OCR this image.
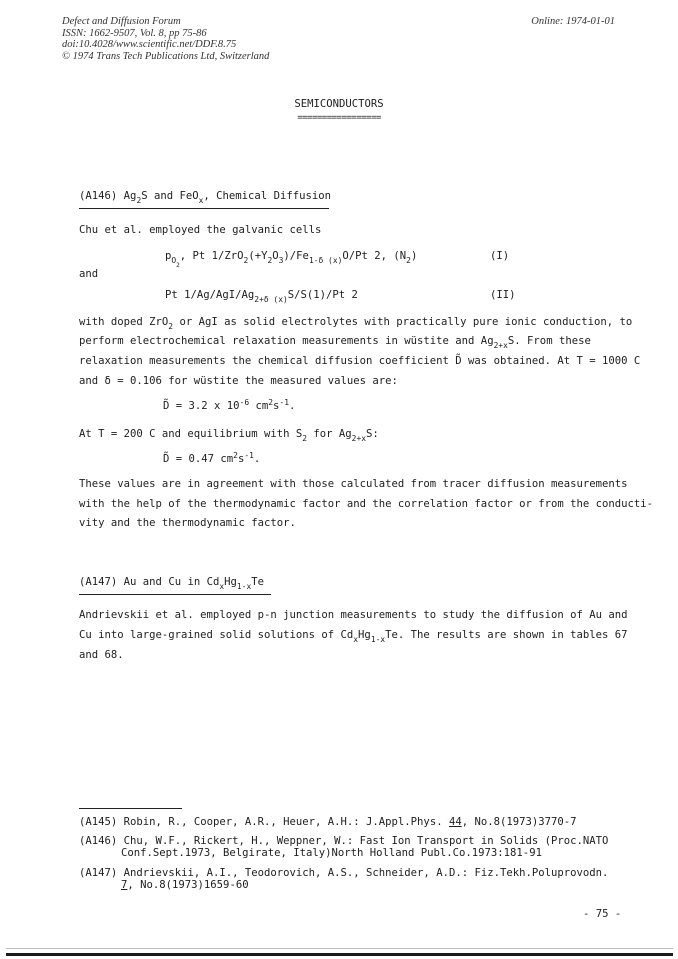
Defect and Diffusion Forum
ISSN: 1662-9507, Vol. 8, pp 75-86
doi:10.4028/www.scientific.net/DDF.8.75
© 1974 Trans Tech Publications Ltd, Switzerland
Online: 1974-01-01
SEMICONDUCTORS
=================
(A146) $Ag_2S$ and FeO$_x$, Chemical Diffusion
Chu et al. employed the galvanic cells
$p_{O_2}$, Pt $1/ZrO_2(+Y_2O_3)/Fe_{1-\delta (x)}O/Pt$ 2, $(N_2)$	(I)
and
Pt $1/Ag/AgI/Ag_{2+\delta (x)}S/S(1)/Pt$ 2	(II)
with doped ZrO$_2$ or AgI as solid electrolytes with practically pure ionic conduction, to
perform electrochemical relaxation measurements in wüstite and $Ag_{2+x}S$. From these
relaxation measurements the chemical diffusion coefficient D̃ was obtained. At T = 1000 C
and δ = 0.106 for wüstite the measured values are:
D̃ = 3.2 x $10^{-6}$ $cm^2s^{-1}$.
At T = 200 C and equilibrium with $S_2$ for $Ag_{2+x}S$:
D̃ = 0.47 $cm^2s^{-1}$.
These values are in agreement with those calculated from tracer diffusion measurements
with the help of the thermodynamic factor and the correlation factor or from the conducti-
vity and the thermodynamic factor.
(A147) Au and Cu in $Cd_xHg_{1-x}Te$
Andrievskii et al. employed p-n junction measurements to study the diffusion of Au and
Cu into large-grained solid solutions of $Cd_xHg_{1-x}Te$. The results are shown in tables 67
and 68.
(A145) Robin, R., Cooper, A.R., Heuer, A.H.: J.Appl.Phys. 44, No.8(1973)3770-7
(A146) Chu, W.F., Rickert, H., Weppner, W.: Fast Ion Transport in Solids (Proc.NATO
Conf.Sept.1973, Belgirate, Italy)North Holland Publ.Co.1973:181-91
(A147) Andrievskii, A.I., Teodorovich, A.S., Schneider, A.D.: Fiz.Tekh.Poluprovodn.
7, No.8(1973)1659-60
- 75 -
